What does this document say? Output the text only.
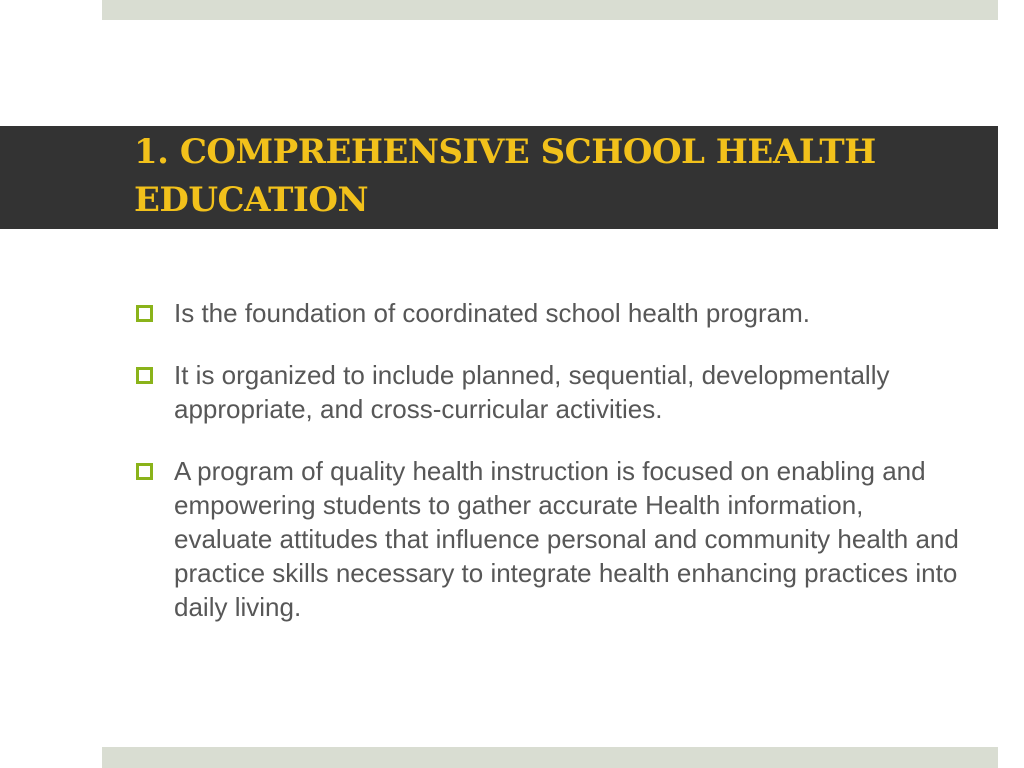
1. COMPREHENSIVE SCHOOL HEALTH EDUCATION
Is the foundation of coordinated school health program.
It is organized to include planned, sequential, developmentally appropriate, and cross-curricular activities.
A program of quality health instruction is focused on enabling and empowering students to gather accurate Health information, evaluate attitudes that influence personal and community health and practice skills necessary to integrate health enhancing practices into daily living.
